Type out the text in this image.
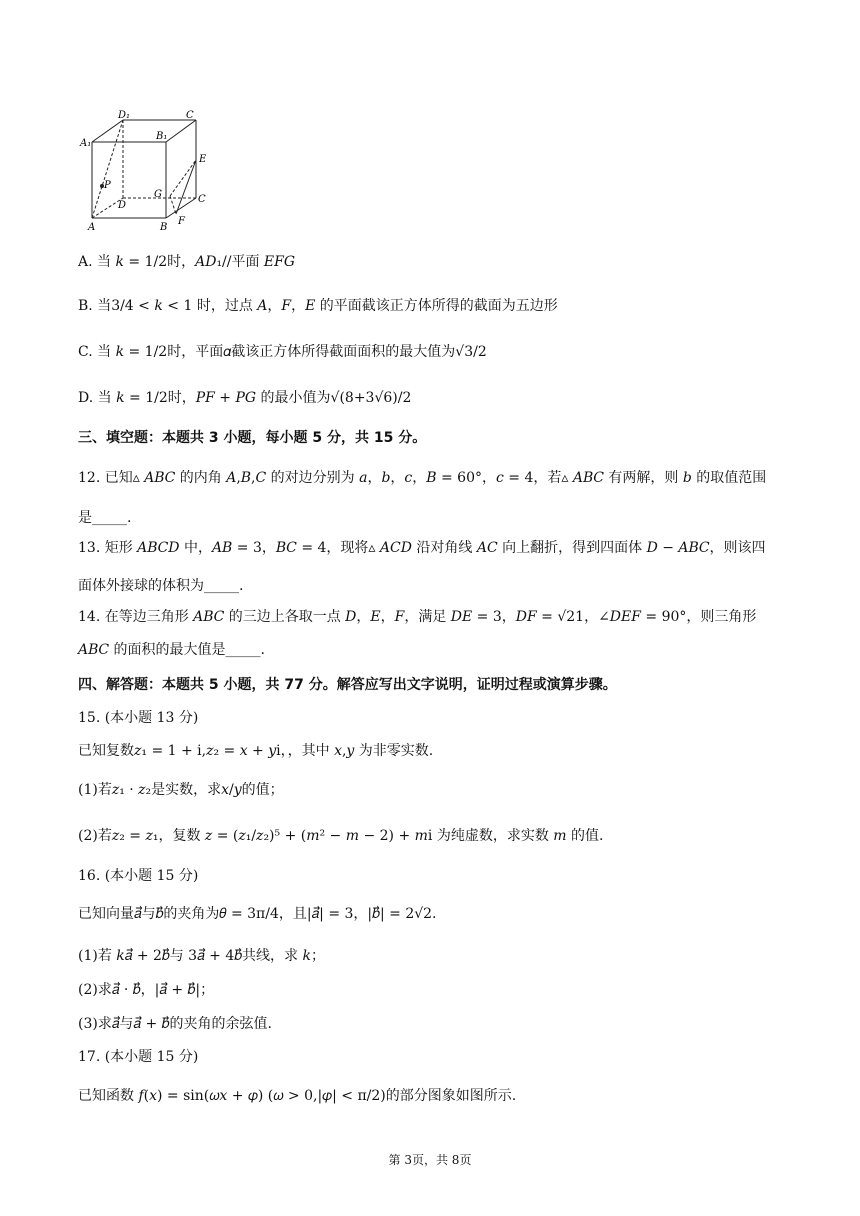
D₁	C
A₁
B₁
E
P
G
D
C
A	B
F
A. 当 𝑘 = 1/2时，𝐴𝐷₁//平面 𝐸𝐹𝐺
B. 当3/4 < 𝑘 < 1 时，过点 𝐴，𝐹，𝐸 的平面截该正方体所得的截面为五边形
C. 当 𝑘 = 1/2时，平面𝛼截该正方体所得截面面积的最大值为√3/2
D. 当 𝑘 = 1/2时，𝑃𝐹 + 𝑃𝐺 的最小值为√(8+3√6)/2
三、填空题：本题共 3 小题，每小题 5 分，共 15 分。
12. 已知▵ 𝐴𝐵𝐶 的内角 𝐴,𝐵,𝐶 的对边分别为 𝑎，𝑏，𝑐，𝐵 = 60°，𝑐 = 4，若▵ 𝐴𝐵𝐶 有两解，则 𝑏 的取值范围
是_____.
13. 矩形 𝐴𝐵𝐶𝐷 中，𝐴𝐵 = 3，𝐵𝐶 = 4，现将▵ 𝐴𝐶𝐷 沿对角线 𝐴𝐶 向上翻折，得到四面体 𝐷 − 𝐴𝐵𝐶，则该四
面体外接球的体积为_____.
14. 在等边三角形 𝐴𝐵𝐶 的三边上各取一点 𝐷，𝐸，𝐹，满足 𝐷𝐸 = 3，𝐷𝐹 = √21，∠𝐷𝐸𝐹 = 90°，则三角形
𝐴𝐵𝐶 的面积的最大值是_____.
四、解答题：本题共 5 小题，共 77 分。解答应写出文字说明，证明过程或演算步骤。
15. (本小题 13 分)
已知复数𝑧₁ = 1 + i,𝑧₂ = 𝑥 + 𝑦i，，其中 𝑥,𝑦 为非零实数.
(1)若𝑧₁ · 𝑧₂是实数，求𝑥/𝑦的值；
(2)若𝑧₂ = 𝑧₁，复数 𝑧 = (𝑧₁/𝑧₂)⁵ + (𝑚² − 𝑚 − 2) + 𝑚i 为纯虚数，求实数 𝑚 的值.
16. (本小题 15 分)
已知向量𝑎⃗与𝑏⃗的夹角为𝜃 = 3π/4，且|𝑎⃗| = 3，|𝑏⃗| = 2√2.
(1)若 𝑘𝑎⃗ + 2𝑏⃗与 3𝑎⃗ + 4𝑏⃗共线，求 𝑘；
(2)求𝑎⃗ · 𝑏⃗，|𝑎⃗ + 𝑏⃗|；
(3)求𝑎⃗与𝑎⃗ + 𝑏⃗的夹角的余弦值.
17. (本小题 15 分)
已知函数 𝑓(𝑥) = sin(𝜔𝑥 + 𝜑) (𝜔 > 0,|𝜑| < π/2)的部分图象如图所示.
第 3页，共 8页
